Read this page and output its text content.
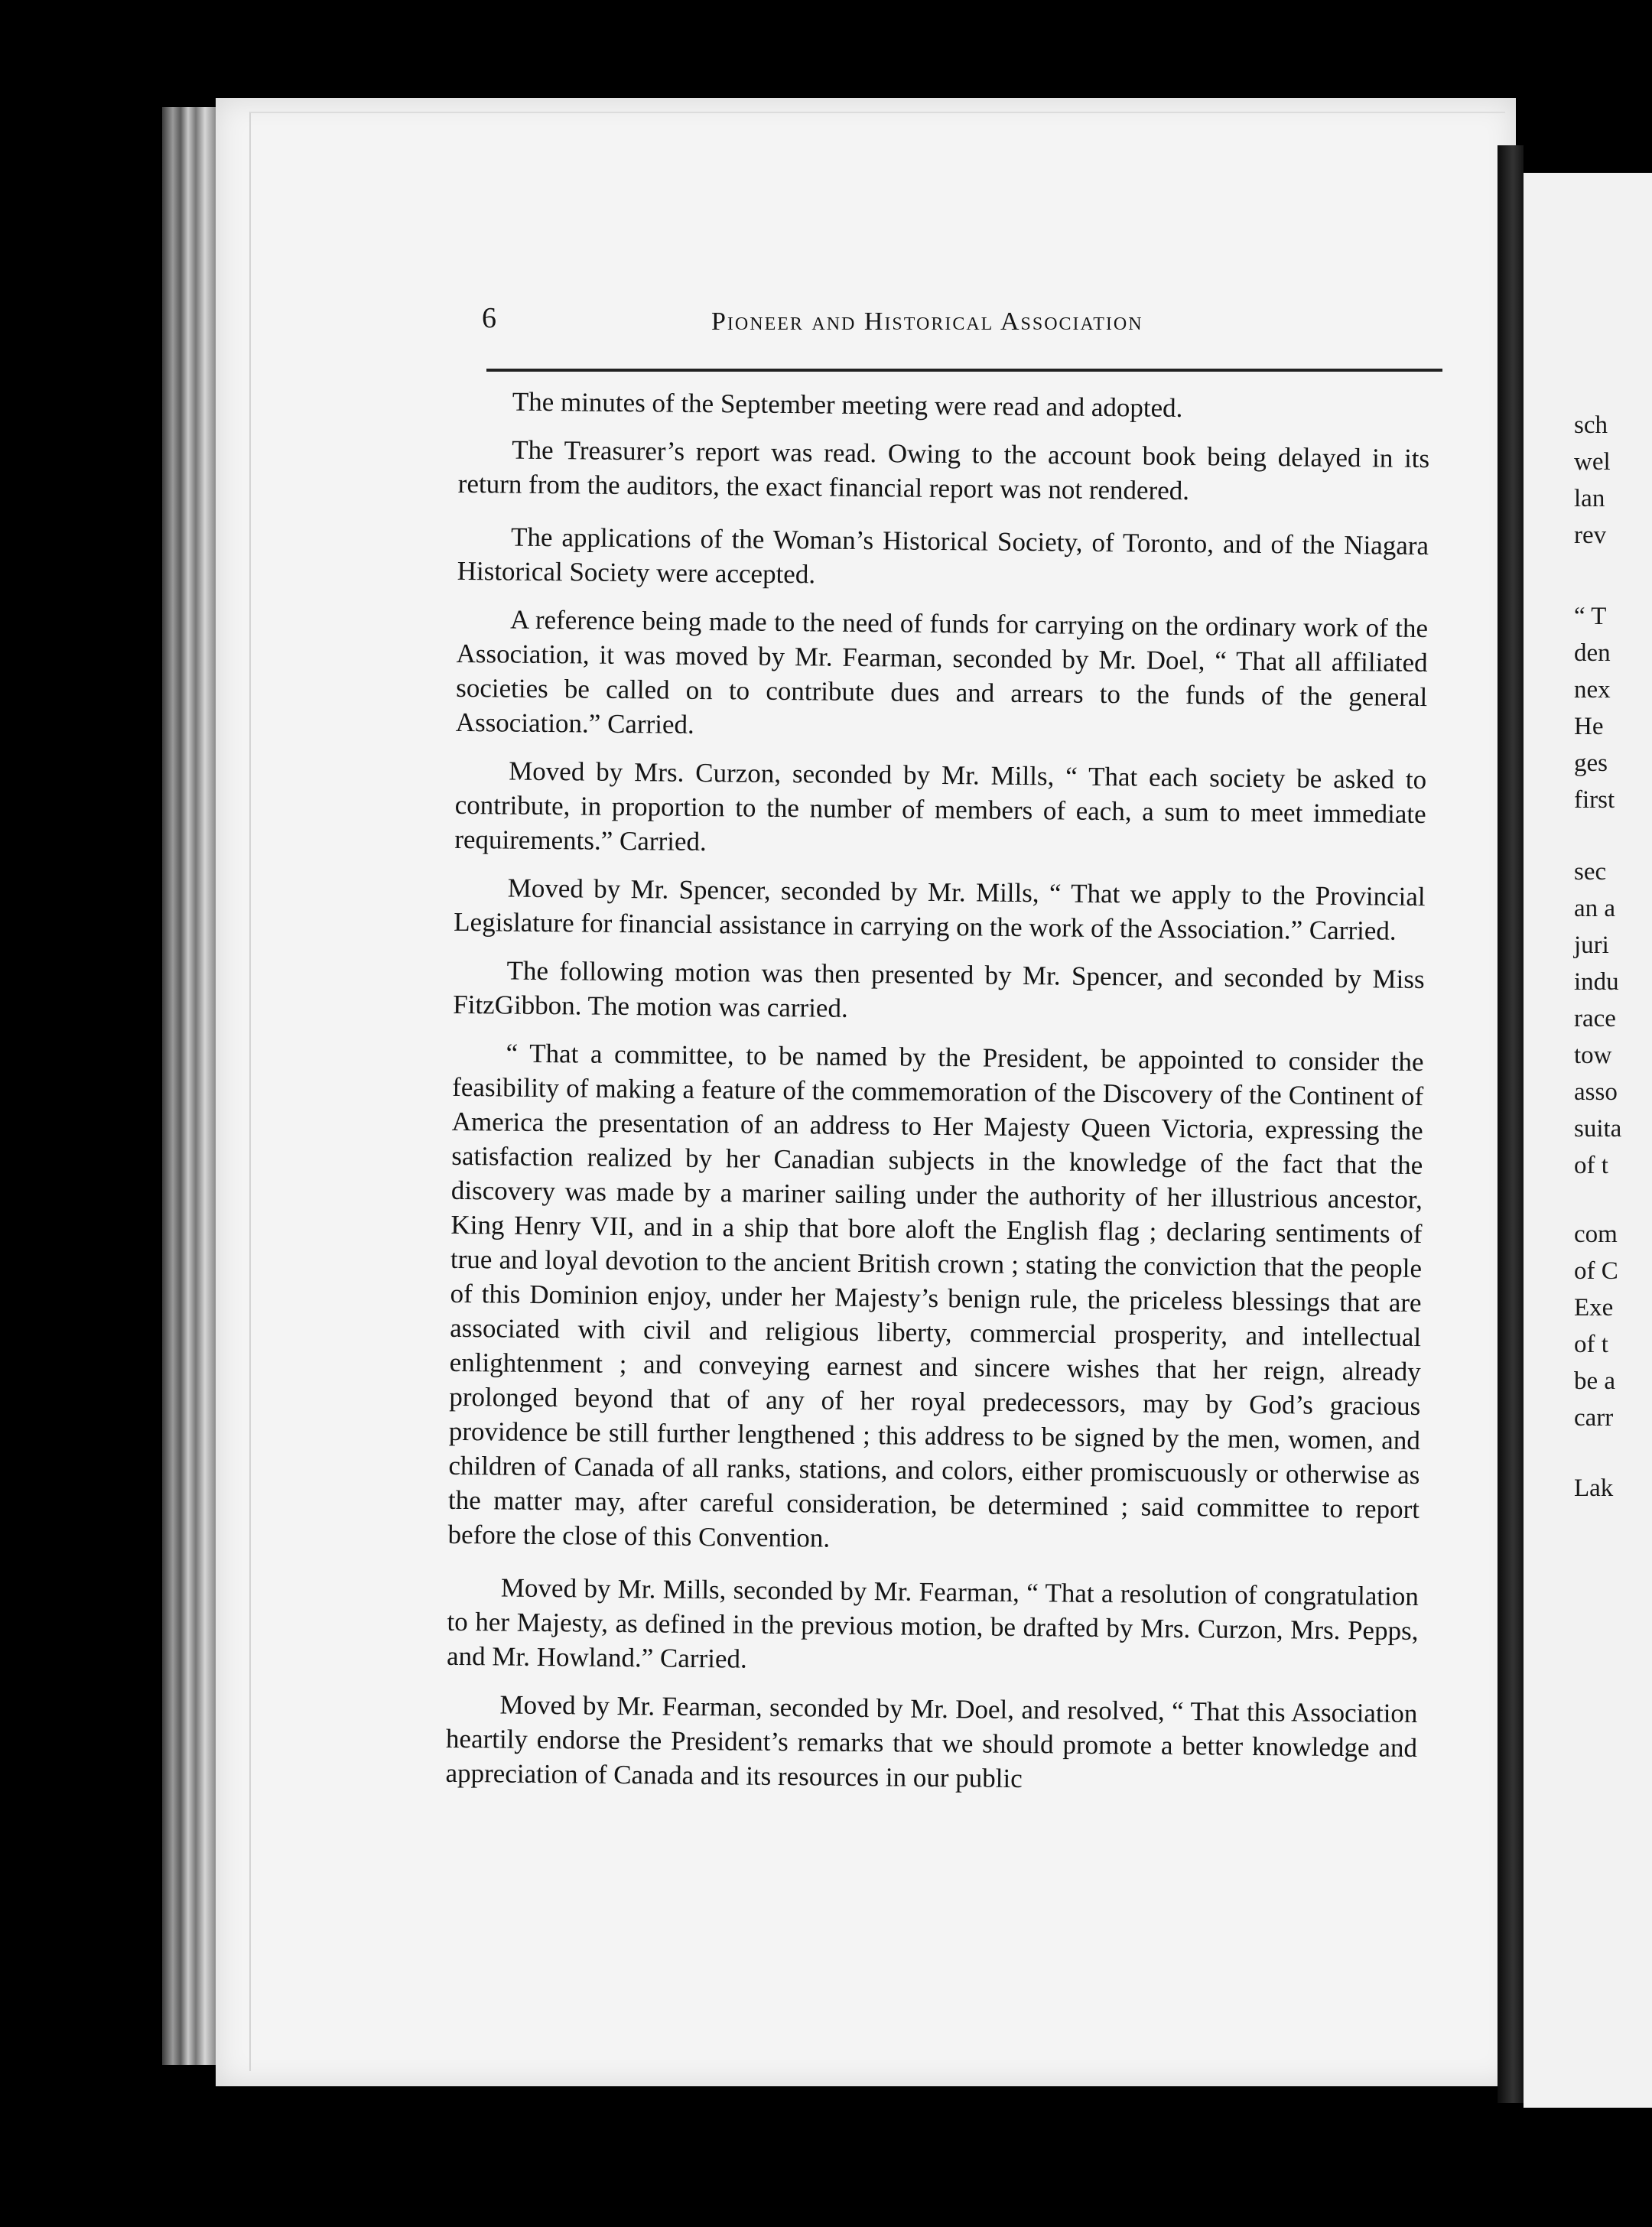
6	Pioneer and Historical Association

The minutes of the September meeting were read and adopted.

The Treasurer’s report was read. Owing to the account book being delayed in its return from the auditors, the exact financial report was not rendered.

The applications of the Woman’s Historical Society, of Toronto, and of the Niagara Historical Society were accepted.

A reference being made to the need of funds for carrying on the ordinary work of the Association, it was moved by Mr. Fearman, seconded by Mr. Doel, “ That all affiliated societies be called on to contribute dues and arrears to the funds of the general Association.” Carried.

Moved by Mrs. Curzon, seconded by Mr. Mills, “ That each society be asked to contribute, in proportion to the number of members of each, a sum to meet immediate requirements.” Carried.

Moved by Mr. Spencer, seconded by Mr. Mills, “ That we apply to the Provincial Legislature for financial assistance in carrying on the work of the Association.” Carried.

The following motion was then presented by Mr. Spencer, and seconded by Miss FitzGibbon. The motion was carried.

“ That a committee, to be named by the President, be appointed to consider the feasibility of making a feature of the commemoration of the Discovery of the Continent of America the presentation of an address to Her Majesty Queen Victoria, expressing the satisfaction realized by her Canadian subjects in the knowledge of the fact that the discovery was made by a mariner sailing under the authority of her illustrious ancestor, King Henry VII, and in a ship that bore aloft the English flag ; declaring sentiments of true and loyal devotion to the ancient British crown ; stating the conviction that the people of this Dominion enjoy, under her Majesty’s benign rule, the priceless blessings that are associated with civil and religious liberty, commercial prosperity, and intellectual enlightenment ; and conveying earnest and sincere wishes that her reign, already prolonged beyond that of any of her royal predecessors, may by God’s gracious providence be still further lengthened ; this address to be signed by the men, women, and children of Canada of all ranks, stations, and colors, either promiscuously or otherwise as the matter may, after careful consideration, be determined ; said committee to report before the close of this Convention.

Moved by Mr. Mills, seconded by Mr. Fearman, “ That a resolution of congratulation to her Majesty, as defined in the previous motion, be drafted by Mrs. Curzon, Mrs. Pepps, and Mr. Howland.” Carried.

Moved by Mr. Fearman, seconded by Mr. Doel, and resolved, “ That this Association heartily endorse the President’s remarks that we should promote a better knowledge and appreciation of Canada and its resources in our public

sch
wel
lan
rev
“ T
den
nex
He
ges
first
sec
an a
juri
indu
race
tow
asso
suita
of t
com
of C
Exe
of t
be a
carr
Lak
